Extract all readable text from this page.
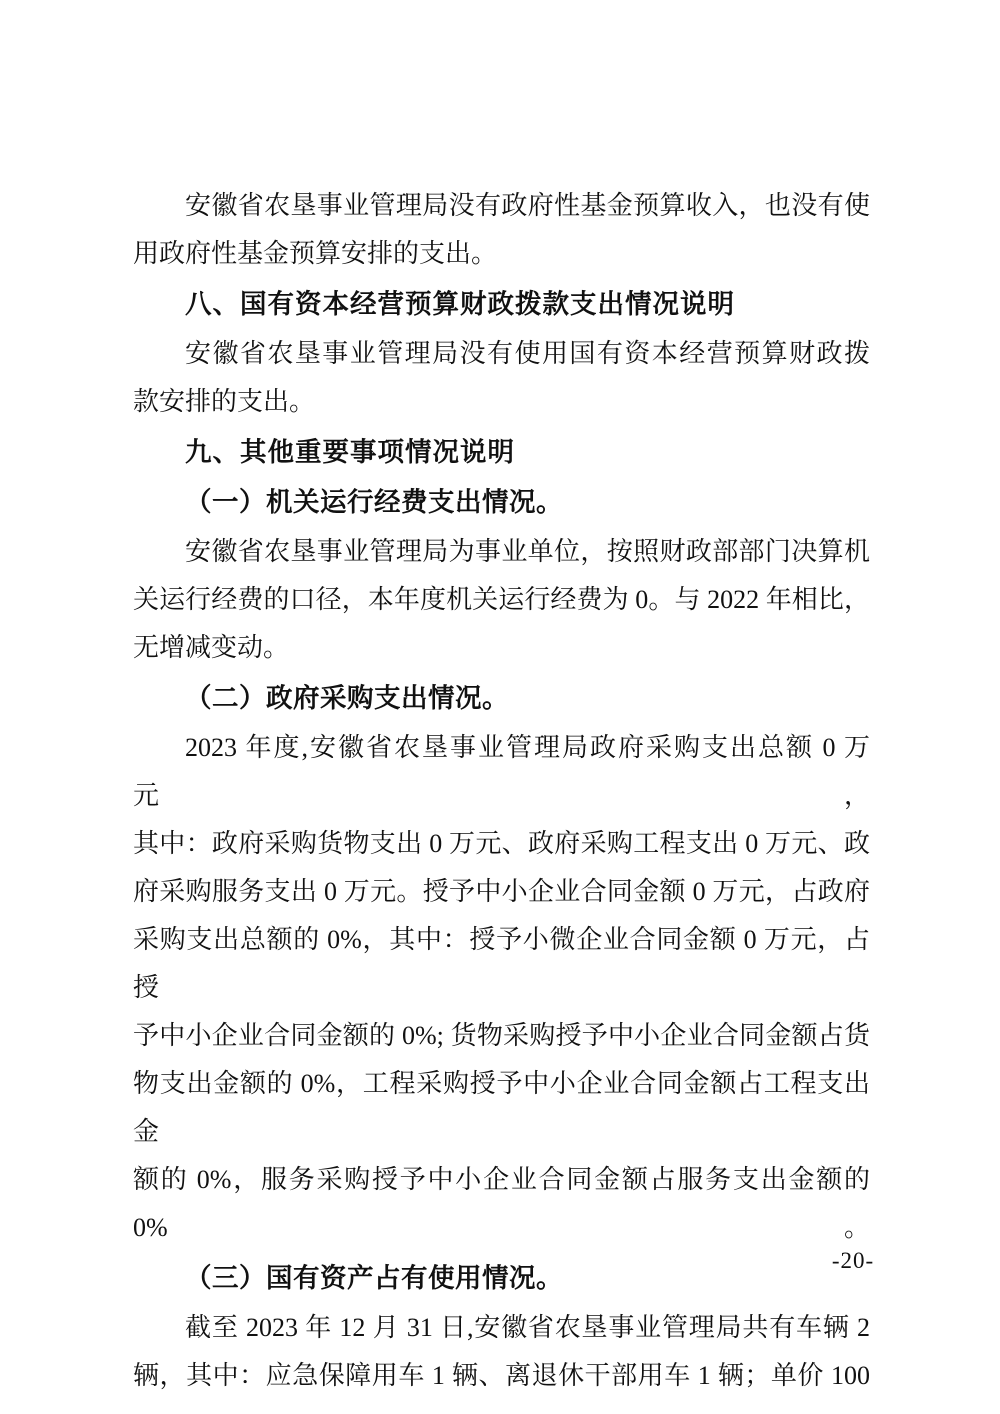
安徽省农垦事业管理局没有政府性基金预算收入，也没有使
用政府性基金预算安排的支出。
八、国有资本经营预算财政拨款支出情况说明
安徽省农垦事业管理局没有使用国有资本经营预算财政拨
款安排的支出。
九、其他重要事项情况说明
（一）机关运行经费支出情况。
安徽省农垦事业管理局为事业单位，按照财政部部门决算机
关运行经费的口径，本年度机关运行经费为 0。与 2022 年相比，
无增减变动。
（二）政府采购支出情况。
2023 年度,安徽省农垦事业管理局政府采购支出总额 0 万元，
其中：政府采购货物支出 0 万元、政府采购工程支出 0 万元、政
府采购服务支出 0 万元。授予中小企业合同金额 0 万元，占政府
采购支出总额的 0%，其中：授予小微企业合同金额 0 万元，占授
予中小企业合同金额的 0%; 货物采购授予中小企业合同金额占货
物支出金额的 0%，工程采购授予中小企业合同金额占工程支出金
额的 0%，服务采购授予中小企业合同金额占服务支出金额的 0%。
（三）国有资产占有使用情况。
截至 2023 年 12 月 31 日,安徽省农垦事业管理局共有车辆 2
辆，其中：应急保障用车 1 辆、离退休干部用车 1 辆；单价 100
-20-
